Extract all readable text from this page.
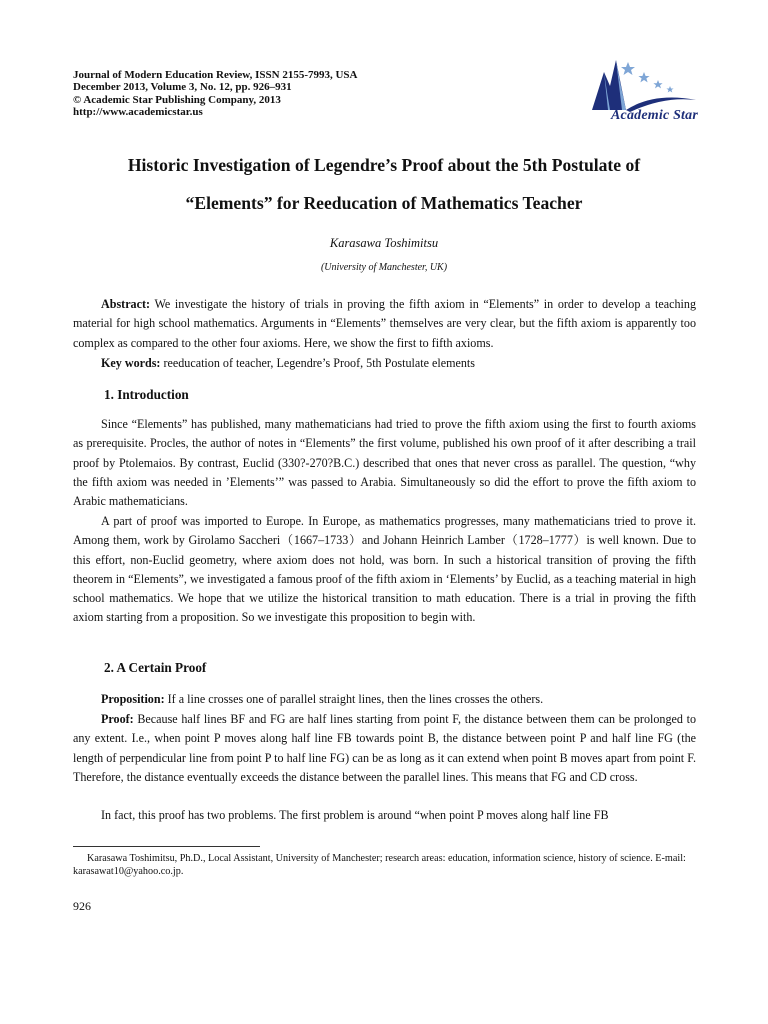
Journal of Modern Education Review, ISSN 2155-7993, USA
December 2013, Volume 3, No. 12, pp. 926–931
© Academic Star Publishing Company, 2013
http://www.academicstar.us	Academic Star
Historic Investigation of Legendre’s Proof about the 5th Postulate of
“Elements” for Reeducation of Mathematics Teacher
Karasawa Toshimitsu
(University of Manchester, UK)

Abstract: We investigate the history of trials in proving the fifth axiom in “Elements” in order to develop a teaching material for high school mathematics. Arguments in “Elements” themselves are very clear, but the fifth axiom is apparently too complex as compared to the other four axioms. Here, we show the first to fifth axioms.

Key words: reeducation of teacher, Legendre’s Proof, 5th Postulate elements

1. Introduction

Since “Elements” has published, many mathematicians had tried to prove the fifth axiom using the first to fourth axioms as prerequisite. Procles, the author of notes in “Elements” the first volume, published his own proof of it after describing a trail proof by Ptolemaios. By contrast, Euclid (330?-270?B.C.) described that ones that never cross as parallel. The question, “why the fifth axiom was needed in ’Elements’” was passed to Arabia. Simultaneously so did the effort to prove the fifth axiom to Arabic mathematicians.

A part of proof was imported to Europe. In Europe, as mathematics progresses, many mathematicians tried to prove it. Among them, work by Girolamo Saccheri（1667–1733）and Johann Heinrich Lamber（1728–1777）is well known. Due to this effort, non-Euclid geometry, where axiom does not hold, was born. In such a historical transition of proving the fifth theorem in “Elements”, we investigated a famous proof of the fifth axiom in ‘Elements’ by Euclid, as a teaching material in high school mathematics. We hope that we utilize the historical transition to math education. There is a trial in proving the fifth axiom starting from a proposition. So we investigate this proposition to begin with.

2. A Certain Proof

Proposition: If a line crosses one of parallel straight lines, then the lines crosses the others.

Proof: Because half lines BF and FG are half lines starting from point F, the distance between them can be prolonged to any extent. I.e., when point P moves along half line FB towards point B, the distance between point P and half line FG (the length of perpendicular line from point P to half line FG) can be as long as it can extend when point B moves apart from point F. Therefore, the distance eventually exceeds the distance between the parallel lines. This means that FG and CD cross.

In fact, this proof has two problems. The first problem is around “when point P moves along half line FB

Karasawa Toshimitsu, Ph.D., Local Assistant, University of Manchester; research areas: education, information science, history of science. E-mail: karasawat10@yahoo.co.jp.
926
